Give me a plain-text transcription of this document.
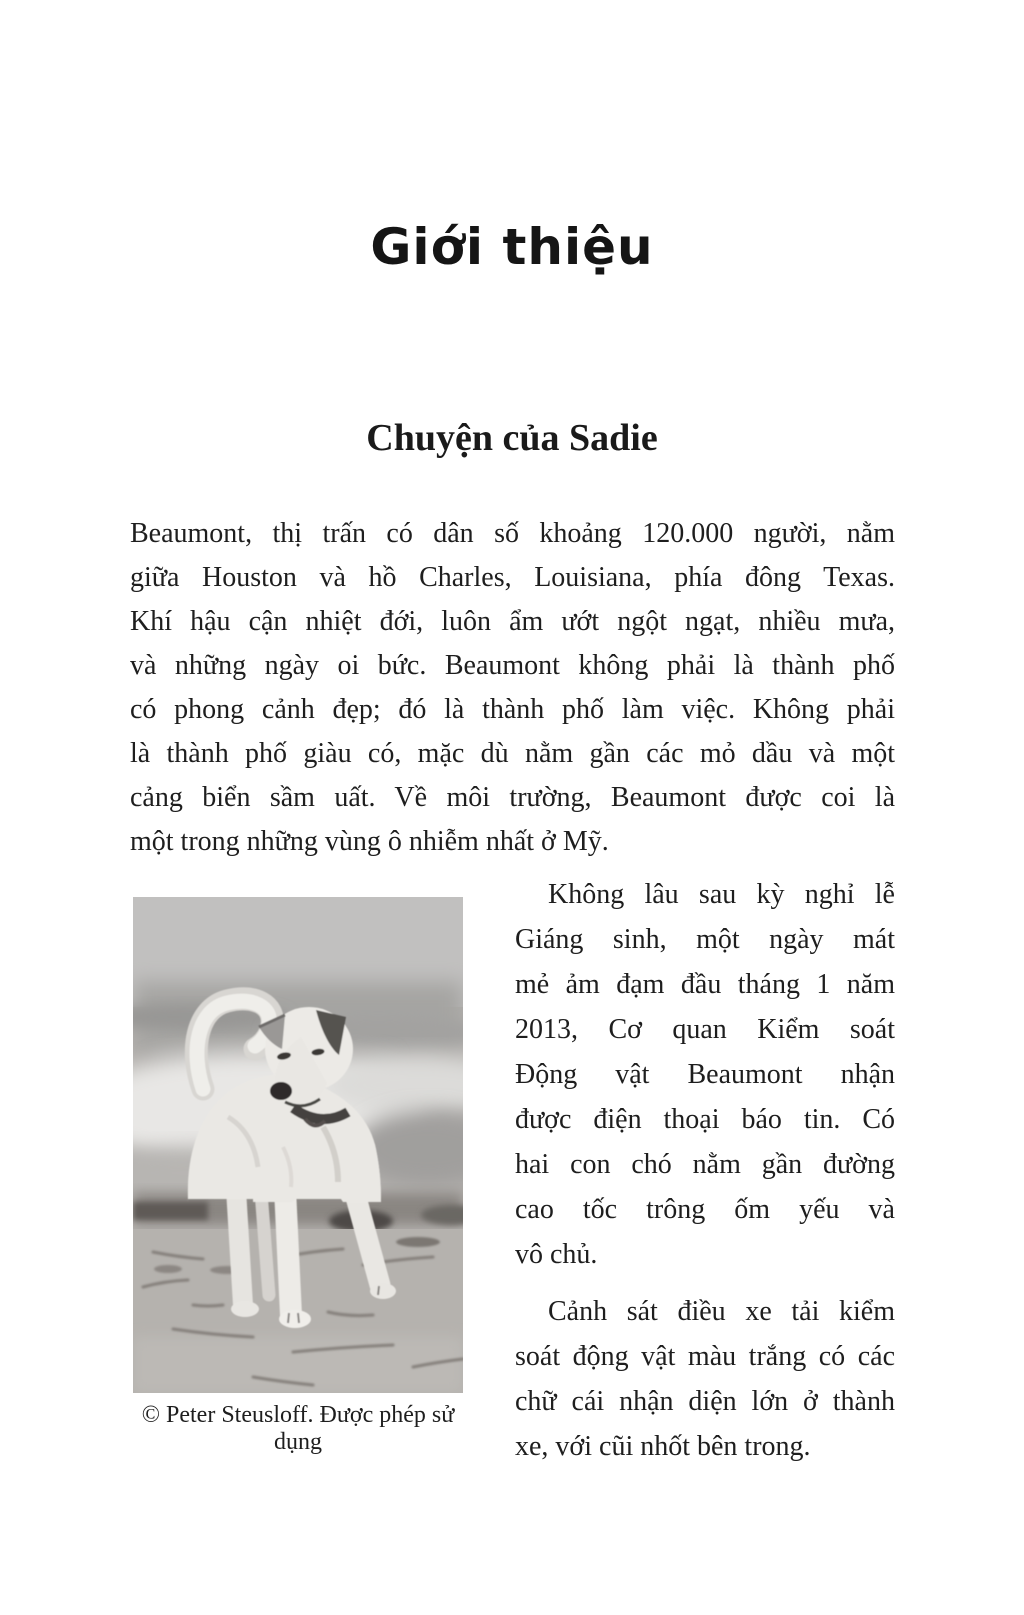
Giới thiệu
Chuyện của Sadie
Beaumont, thị trấn có dân số khoảng 120.000 người, nằm
giữa Houston và hồ Charles, Louisiana, phía đông Texas.
Khí hậu cận nhiệt đới, luôn ẩm ướt ngột ngạt, nhiều mưa,
và những ngày oi bức. Beaumont không phải là thành phố
có phong cảnh đẹp; đó là thành phố làm việc. Không phải
là thành phố giàu có, mặc dù nằm gần các mỏ dầu và một
cảng biển sầm uất. Về môi trường, Beaumont được coi là
một trong những vùng ô nhiễm nhất ở Mỹ.
Không lâu sau kỳ nghỉ lễ
Giáng sinh, một ngày mát
mẻ ảm đạm đầu tháng 1 năm
2013, Cơ quan Kiểm soát
Động vật Beaumont nhận
được điện thoại báo tin. Có
hai con chó nằm gần đường
cao tốc trông ốm yếu và
vô chủ.
Cảnh sát điều xe tải kiểm
soát động vật màu trắng có các
chữ cái nhận diện lớn ở thành
xe, với cũi nhốt bên trong.
© Peter Steusloff. Được phép sử dụng
